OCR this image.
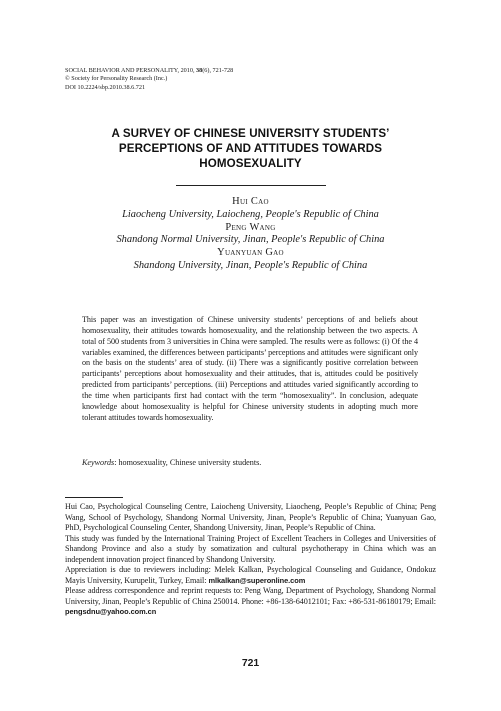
SOCIAL BEHAVIOR AND PERSONALITY, 2010, 38(6), 721-728
© Society for Personality Research (Inc.)
DOI 10.2224/sbp.2010.38.6.721
A SURVEY OF CHINESE UNIVERSITY STUDENTS’
PERCEPTIONS OF AND ATTITUDES TOWARDS
HOMOSEXUALITY
Hui Cao
Liaocheng University, Laiocheng, People's Republic of China
Peng Wang
Shandong Normal University, Jinan, People's Republic of China
Yuanyuan Gao
Shandong University, Jinan, People's Republic of China
This paper was an investigation of Chinese university students’ perceptions of and beliefs about homosexuality, their attitudes towards homosexuality, and the relationship between the two aspects. A total of 500 students from 3 universities in China were sampled. The results were as follows: (i) Of the 4 variables examined, the differences between participants’ perceptions and attitudes were significant only on the basis on the students’ area of study. (ii) There was a significantly positive correlation between participants’ perceptions about homosexuality and their attitudes, that is, attitudes could be positively predicted from participants’ perceptions. (iii) Perceptions and attitudes varied significantly according to the time when participants first had contact with the term “homosexuality”. In conclusion, adequate knowledge about homosexuality is helpful for Chinese university students in adopting much more tolerant attitudes towards homosexuality.
Keywords: homosexuality, Chinese university students.

Hui Cao, Psychological Counseling Centre, Laiocheng University, Liaocheng, People’s Republic of China; Peng Wang, School of Psychology, Shandong Normal University, Jinan, People’s Republic of China; Yuanyuan Gao, PhD, Psychological Counseling Center, Shandong University, Jinan, People’s Republic of China.

This study was funded by the International Training Project of Excellent Teachers in Colleges and Universities of Shandong Province and also a study by somatization and cultural psychotherapy in China which was an independent innovation project financed by Shandong University.

Appreciation is due to reviewers including: Melek Kalkan, Psychological Counseling and Guidance, Ondokuz Mayis University, Kurupelit, Turkey, Email: mlkalkan@superonline.com

Please address correspondence and reprint requests to: Peng Wang, Department of Psychology, Shandong Normal University, Jinan, People’s Republic of China 250014. Phone: +86-138-64012101; Fax: +86-531-86180179; Email: pengsdnu@yahoo.com.cn

721
